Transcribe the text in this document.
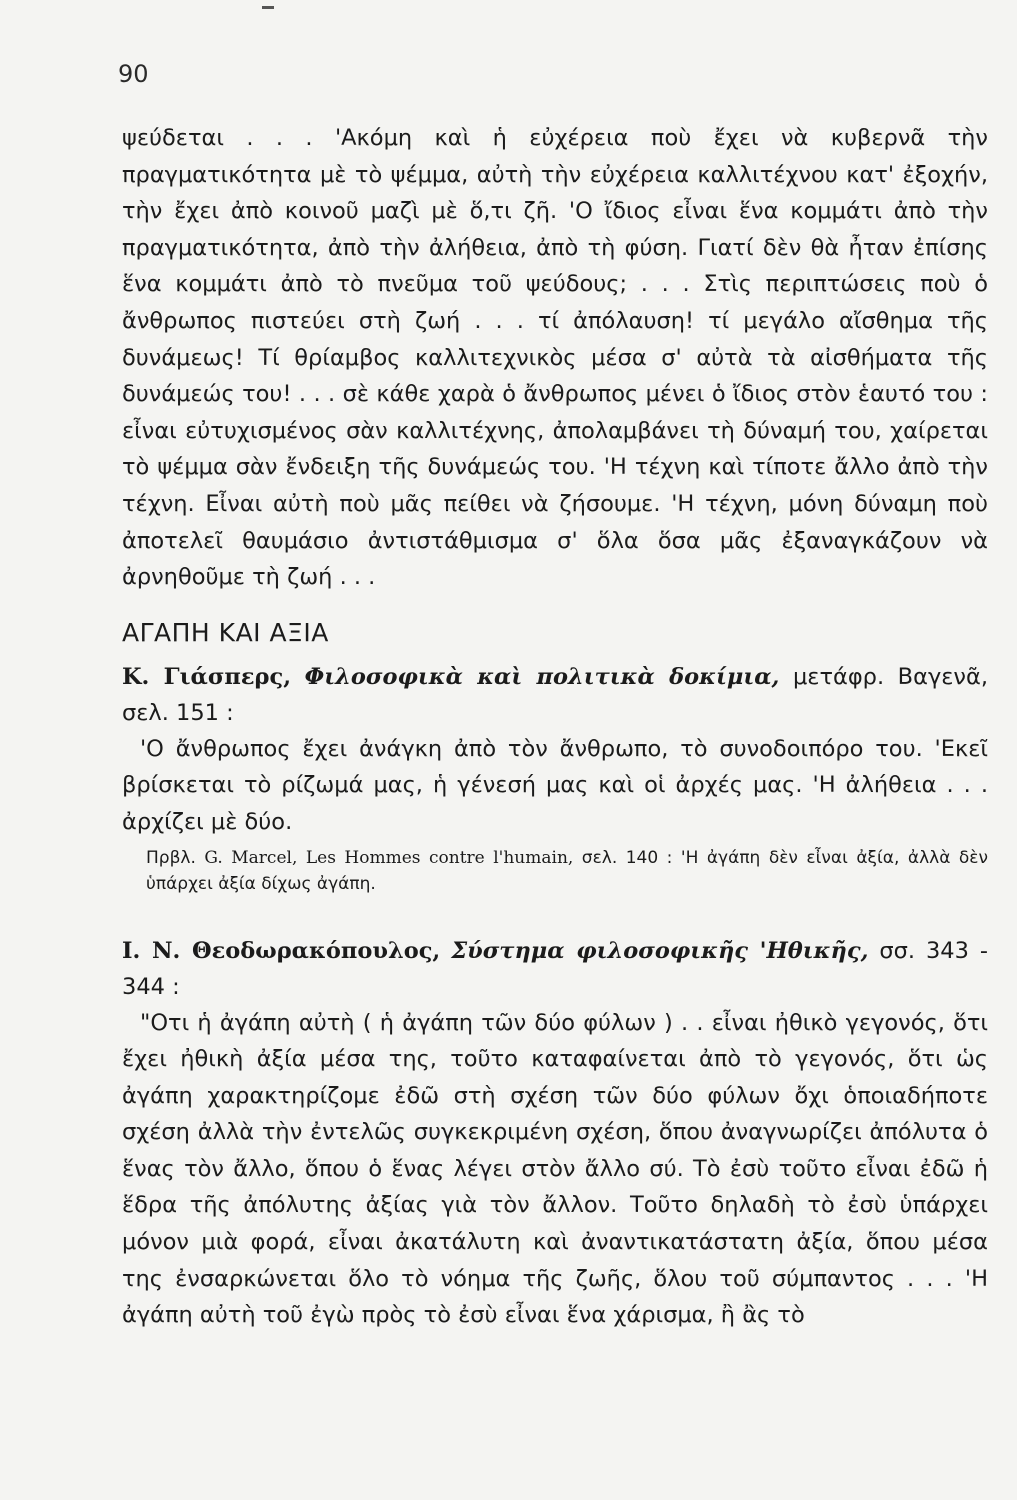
90

ψεύδεται . . . 'Ακόμη καὶ ἡ εὐχέρεια ποὺ ἔχει νὰ κυβερνᾶ τὴν πραγματικότητα μὲ τὸ ψέμμα, αὐτὴ τὴν εὐχέρεια καλλιτέχνου κατ' ἐξοχήν, τὴν ἔχει ἀπὸ κοινοῦ μαζὶ μὲ ὅ,τι ζῆ. 'Ο ἴδιος εἶναι ἕνα κομμάτι ἀπὸ τὴν πραγματικότητα, ἀπὸ τὴν ἀλήθεια, ἀπὸ τὴ φύση. Γιατί δὲν θὰ ἦταν ἐπίσης ἕνα κομμάτι ἀπὸ τὸ πνεῦμα τοῦ ψεύδους; . . . Στὶς περιπτώσεις ποὺ ὁ ἄνθρωπος πιστεύει στὴ ζωή . . . τί ἀπόλαυση! τί μεγάλο αἴσθημα τῆς δυνάμεως! Τί θρίαμβος καλλιτεχνικὸς μέσα σ' αὐτὰ τὰ αἰσθήματα τῆς δυνάμεώς του! . . . σὲ κάθε χαρὰ ὁ ἄνθρωπος μένει ὁ ἴδιος στὸν ἑαυτό του : εἶναι εὐτυχισμένος σὰν καλλιτέχνης, ἀπολαμβάνει τὴ δύναμή του, χαίρεται τὸ ψέμμα σὰν ἔνδειξη τῆς δυνάμεώς του. 'Η τέχνη καὶ τίποτε ἄλλο ἀπὸ τὴν τέχνη. Εἶναι αὐτὴ ποὺ μᾶς πείθει νὰ ζήσουμε. 'Η τέχνη, μόνη δύναμη ποὺ ἀποτελεῖ θαυμάσιο ἀντιστάθμισμα σ' ὅλα ὅσα μᾶς ἐξαναγκάζουν νὰ ἀρνηθοῦμε τὴ ζωή . . .

ΑΓΑΠΗ ΚΑΙ ΑΞΙΑ

Κ. Γιάσπερς, Φιλοσοφικὰ καὶ πολιτικὰ δοκίμια, μετάφρ. Βαγενᾶ, σελ. 151 :

'Ο ἄνθρωπος ἔχει ἀνάγκη ἀπὸ τὸν ἄνθρωπο, τὸ συνοδοιπόρο του. 'Εκεῖ βρίσκεται τὸ ρίζωμά μας, ἡ γένεσή μας καὶ οἱ ἀρχές μας. 'Η ἀλήθεια . . . ἀρχίζει μὲ δύο.

Πρβλ. G. Marcel, Les Hommes contre l'humain, σελ. 140 : 'Η ἀγάπη δὲν εἶναι ἀξία, ἀλλὰ δὲν ὑπάρχει ἀξία δίχως ἀγάπη.

Ι. Ν. Θεοδωρακόπουλος, Σύστημα φιλοσοφικῆς 'Ηθικῆς, σσ. 343 - 344 :

"Οτι ἡ ἀγάπη αὐτὴ ( ἡ ἀγάπη τῶν δύο φύλων ) . . εἶναι ἠθικὸ γεγονός, ὅτι ἔχει ἠθικὴ ἀξία μέσα της, τοῦτο καταφαίνεται ἀπὸ τὸ γεγονός, ὅτι ὡς ἀγάπη χαρακτηρίζομε ἐδῶ στὴ σχέση τῶν δύο φύλων ὄχι ὁποιαδήποτε σχέση ἀλλὰ τὴν ἐντελῶς συγκεκριμένη σχέση, ὅπου ἀναγνωρίζει ἀπόλυτα ὁ ἕνας τὸν ἄλλο, ὅπου ὁ ἕνας λέγει στὸν ἄλλο σύ. Τὸ ἐσὺ τοῦτο εἶναι ἐδῶ ἡ ἕδρα τῆς ἀπόλυτης ἀξίας γιὰ τὸν ἄλλον. Τοῦτο δηλαδὴ τὸ ἐσὺ ὑπάρχει μόνον μιὰ φορά, εἶναι ἀκατάλυτη καὶ ἀναντικατάστατη ἀξία, ὅπου μέσα της ἐνσαρκώνεται ὅλο τὸ νόημα τῆς ζωῆς, ὅλου τοῦ σύμπαντος . . . 'Η ἀγάπη αὐτὴ τοῦ ἐγὼ πρὸς τὸ ἐσὺ εἶναι ἕνα χάρισμα, ἢ ἂς τὸ
